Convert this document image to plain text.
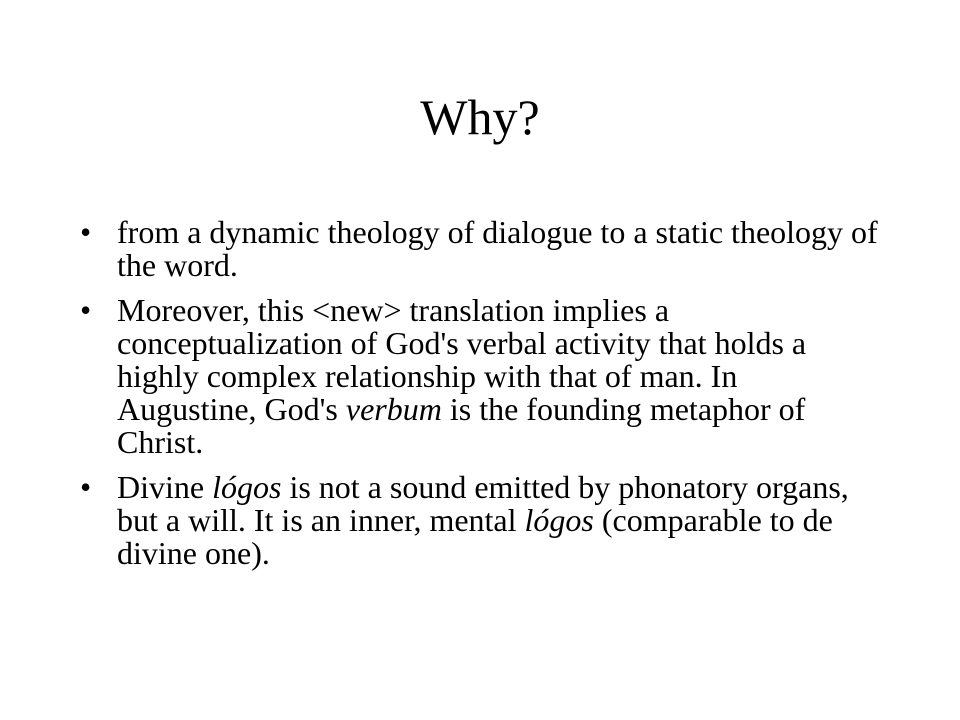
Why?
• from a dynamic theology of dialogue to a static theology of the word.
• Moreover, this <new> translation implies a conceptualization of God's verbal activity that holds a highly complex relationship with that of man. In Augustine, God's verbum is the founding metaphor of Christ.
• Divine lógos is not a sound emitted by phonatory organs, but a will. It is an inner, mental lógos (comparable to de divine one).
